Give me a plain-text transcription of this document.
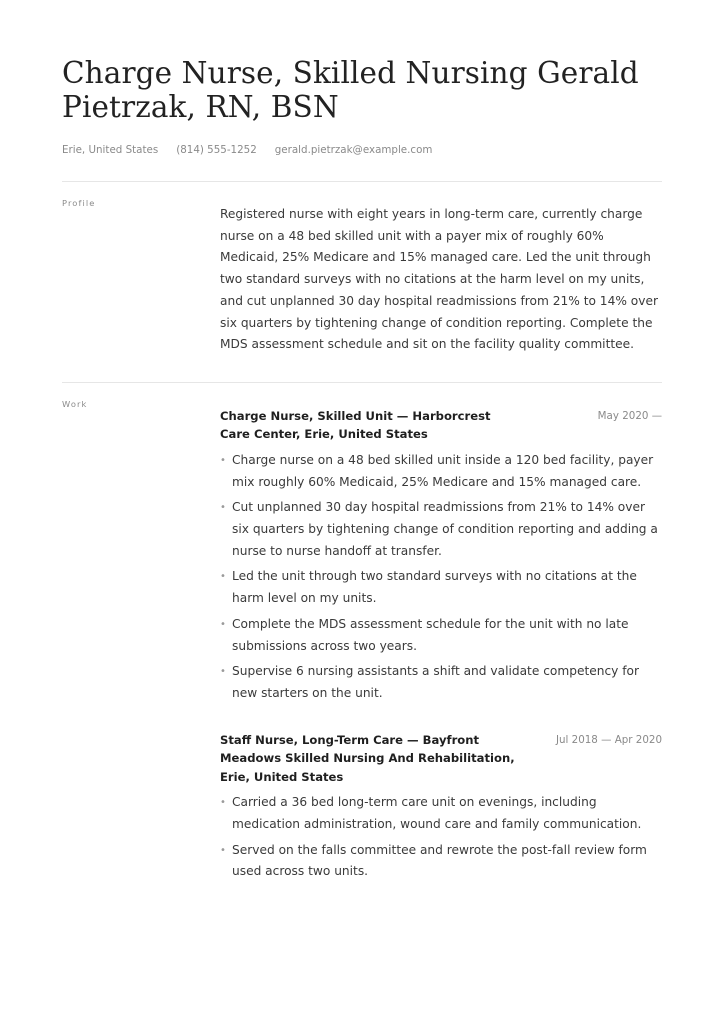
Charge Nurse, Skilled Nursing Gerald Pietrzak, RN, BSN
Erie, United States (814) 555-1252 gerald.pietrzak@example.com
Profile

Registered nurse with eight years in long-term care, currently charge nurse on a 48 bed skilled unit with a payer mix of roughly 60% Medicaid, 25% Medicare and 15% managed care. Led the unit through two standard surveys with no citations at the harm level on my units, and cut unplanned 30 day hospital readmissions from 21% to 14% over six quarters by tightening change of condition reporting. Complete the MDS assessment schedule and sit on the facility quality committee.

Work
Charge Nurse, Skilled Unit — Harborcrest Care Center, Erie, United States
May 2020 —
• Charge nurse on a 48 bed skilled unit inside a 120 bed facility, payer mix roughly 60% Medicaid, 25% Medicare and 15% managed care.
• Cut unplanned 30 day hospital readmissions from 21% to 14% over six quarters by tightening change of condition reporting and adding a nurse to nurse handoff at transfer.
• Led the unit through two standard surveys with no citations at the harm level on my units.
• Complete the MDS assessment schedule for the unit with no late submissions across two years.
• Supervise 6 nursing assistants a shift and validate competency for new starters on the unit.
Staff Nurse, Long-Term Care — Bayfront Meadows Skilled Nursing And Rehabilitation, Erie, United States
Jul 2018 — Apr 2020
• Carried a 36 bed long-term care unit on evenings, including medication administration, wound care and family communication.
• Served on the falls committee and rewrote the post-fall review form used across two units.
